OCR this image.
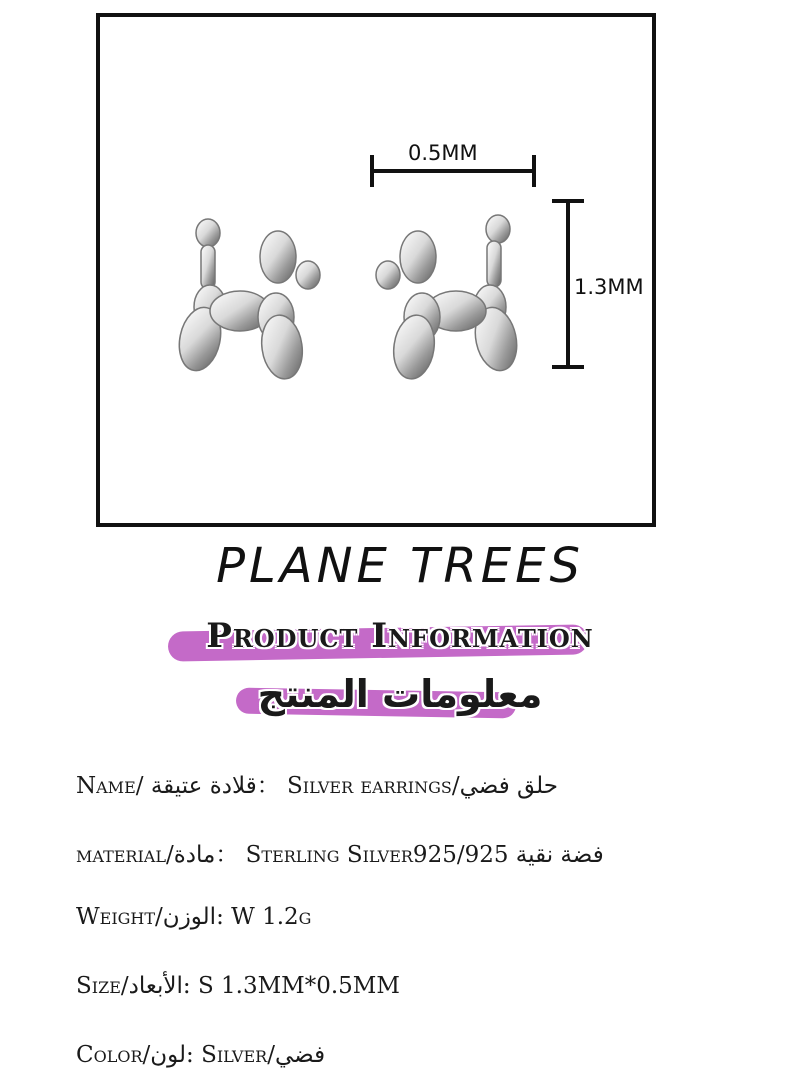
0.5MM
1.3MM
PLANE TREES
Product Information
معلومات المنتج
Name/ قلادة عتيقة： Silver earrings/حلق فضي
material/مادة： Sterling Silver925/925 فضة نقية
Weight/الوزن: W 1.2g
Size/الأبعاد: S 1.3MM*0.5MM
Color/لون: Silver/فضي
